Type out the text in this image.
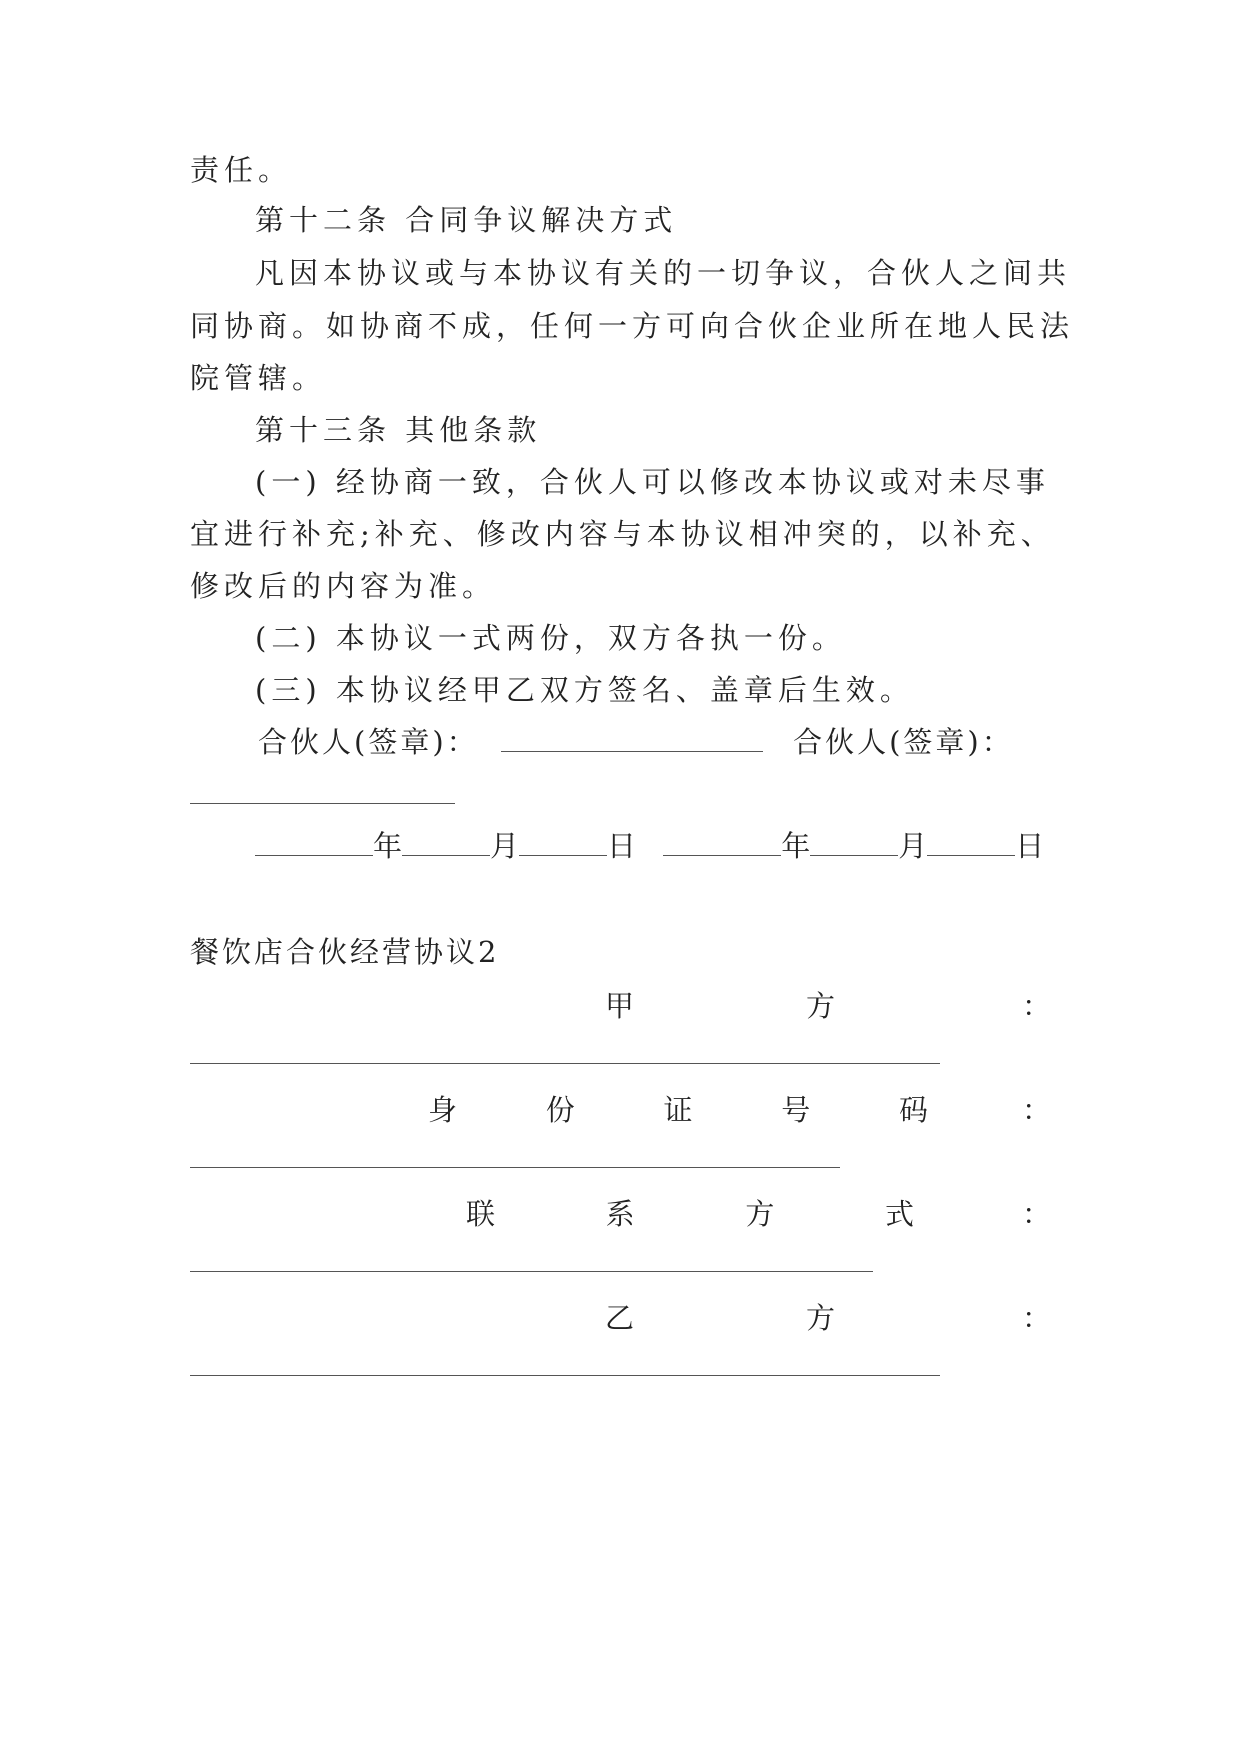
责任。
第十二条 合同争议解决方式
凡因本协议或与本协议有关的一切争议，合伙人之间共
同协商。如协商不成，任何一方可向合伙企业所在地人民法
院管辖。
第十三条 其他条款
(一) 经协商一致，合伙人可以修改本协议或对未尽事
宜进行补充;补充、修改内容与本协议相冲突的，以补充、
修改后的内容为准。
(二) 本协议一式两份，双方各执一份。
(三) 本协议经甲乙双方签名、盖章后生效。
合伙人(签章)：	合伙人(签章)：
年	月	日	年	月	日
餐饮店合伙经营协议2
甲	方	：
身	份	证	号	码	：
联	系	方	式	：
乙	方	：
